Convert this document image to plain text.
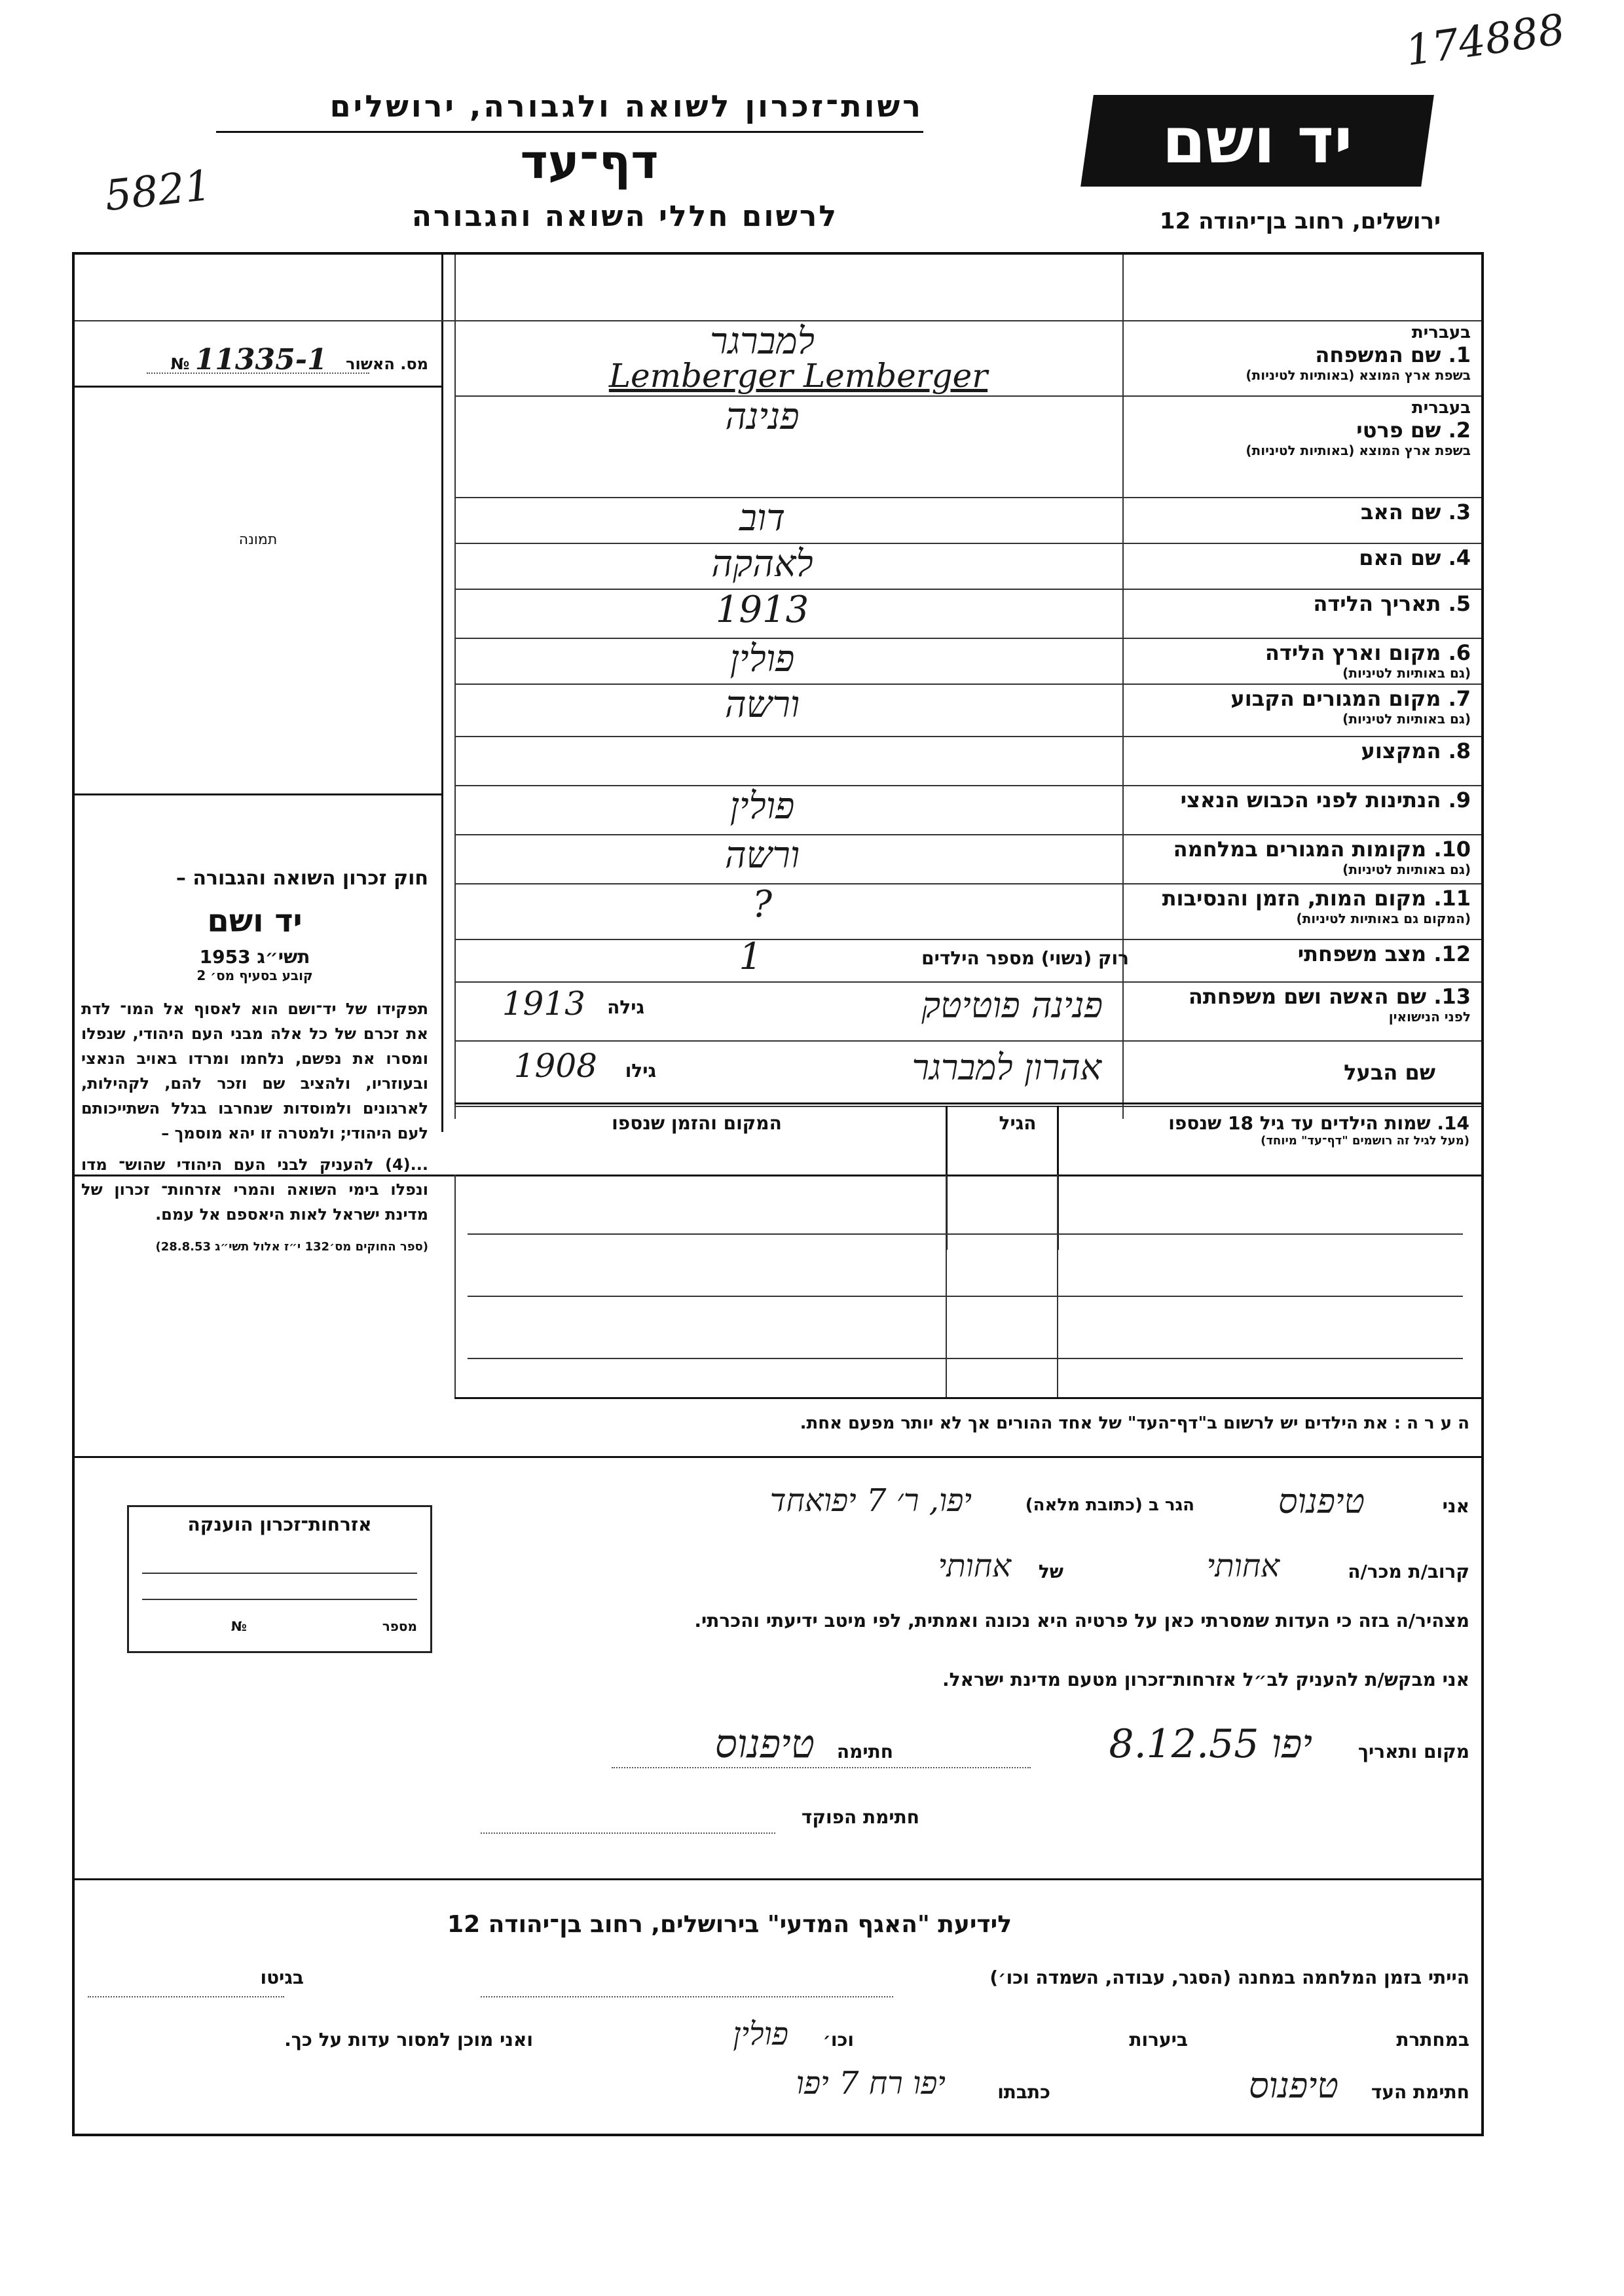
174888
5821
רשות־זכרון לשואה ולגבורה, ירושלים
דף־עד
לרשום חללי השואה והגבורה
יד ושם
ירושלים, רחוב בן־יהודה 12
מס. האשור 11335-1 №
תמונה
חוק זכרון השואה והגבורה –
יד ושם
תשי״ג 1953
קובע בסעיף מס׳ 2
תפקידו של יד־ושם הוא לאסוף אל המו־ לדת את זכרם של כל אלה מבני העם היהודי, שנפלו ומסרו את נפשם, נלחמו ומרדו באויב הנאצי ובעוזריו, ולהציב שם וזכר להם, לקהילות, לארגונים ולמוסדות שנחרבו בגלל השתייכותם לעם היהודי; ולמטרה זו יהא מוסמך –
...(4) להעניק לבני העם היהודי שהוש־ מדו ונפלו בימי השואה והמרי אזרחות־ זכרון של מדינת ישראל לאות היאספם אל עמם.
(ספר החוקים מס׳132 י״ז אלול תשי״ג 28.8.53)
בעברית
1. שם המשפחה
בשפת ארץ המוצא (באותיות לטיניות)
למברגר
Lemberger Lemberger
בעברית
2. שם פרטי
בשפת ארץ המוצא (באותיות לטיניות)
פנינה
3. שם האב
דוב
4. שם האם
לאהקה
5. תאריך הלידה
1913
6. מקום וארץ הלידה
(גם באותיות לטיניות)
פולין
7. מקום המגורים הקבוע
(גם באותיות לטיניות)
ורשה
8. המקצוע
9. הנתינות לפני הכבוש הנאצי
פולין
10. מקומות המגורים במלחמה
(גם באותיות לטיניות)
ורשה
11. מקום המות, הזמן והנסיבות
(המקום גם באותיות לטיניות)
?
12. מצב משפחתי
13. שם האשה ושם משפחתה
לפני הנישואין
רוק (נשוי) מספר הילדים
1
פנינה פוטיטק
גילה
1913
שם הבעל
אהרון למברגר
גילו
1908
14. שמות הילדים עד גיל 18 שנספו
(מעל לגיל זה רושמים "דף־עד" מיוחד)
הגיל
המקום והזמן שנספו
ה ע ר ה : את הילדים יש לרשום ב"דף־העד" של אחד ההורים אך לא יותר מפעם אחת.
אני
טיפנוס
הגר ב (כתובת מלאה)
יפו, ר׳ 7 יפואחד
קרוב/ת מכר/ה
אחותי
של
אחותי
מצהיר/ה בזה כי העדות שמסרתי כאן על פרטיה היא נכונה ואמתית, לפי מיטב ידיעתי והכרתי.
אני מבקש/ת להעניק לב״ל אזרחות־זכרון מטעם מדינת ישראל.
מקום ותאריך
יפו 8.12.55
חתימה
טיפנוס
חתימת הפוקד
אזרחות־זכרון הוענקה
מספר №
לידיעת "האגף המדעי" בירושלים, רחוב בן־יהודה 12
הייתי בזמן המלחמה במחנה (הסגר, עבודה, השמדה וכו׳)
בגיטו
במחתרת
ביערות
וכו׳
פולין
ואני מוכן למסור עדות על כך.
חתימת העד
טיפנוס
כתבתו
יפו רח 7 יפו
